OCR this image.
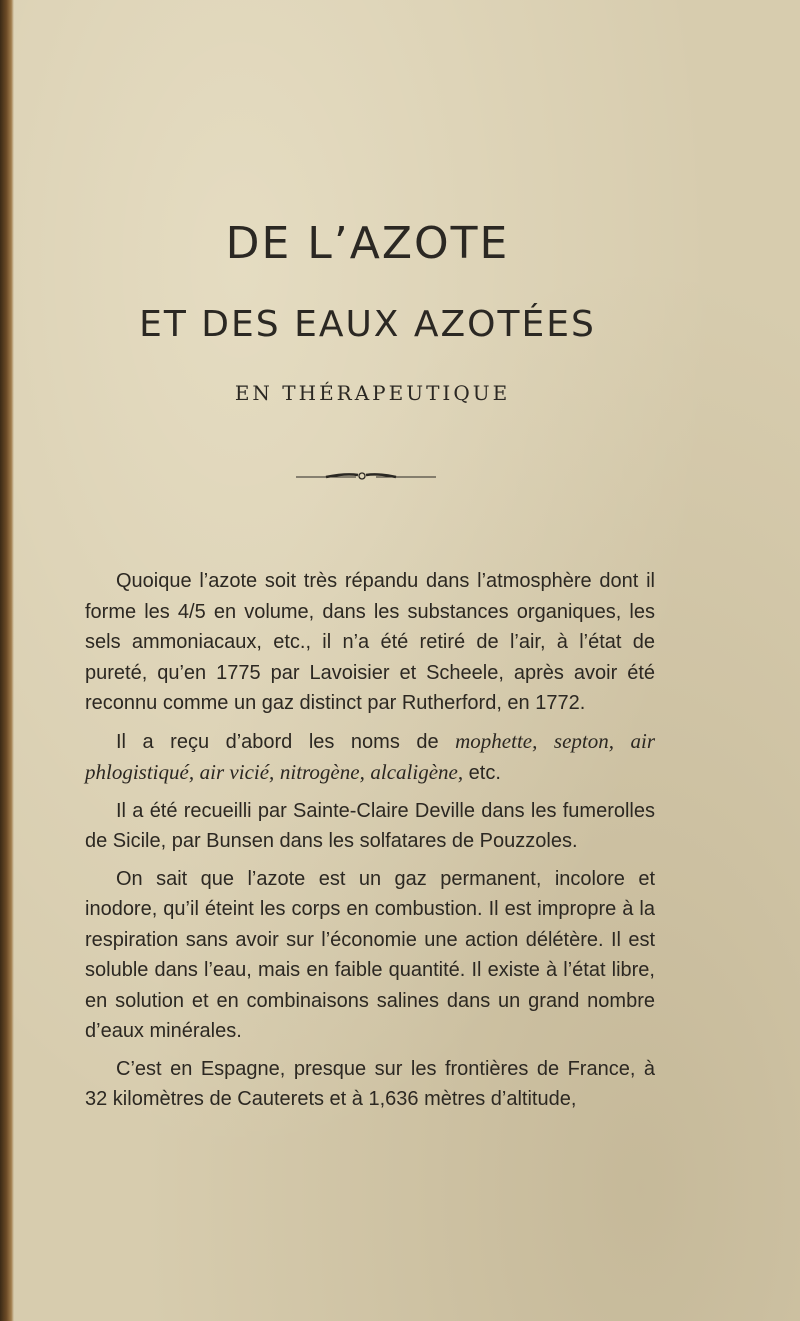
DE L’AZOTE
ET DES EAUX AZOTÉES
EN THÉRAPEUTIQUE

Quoique l’azote soit très répandu dans l’atmosphère dont il forme les 4/5 en volume, dans les substances organiques, les sels ammoniacaux, etc., il n’a été retiré de l’air, à l’état de pureté, qu’en 1775 par Lavoisier et Scheele, après avoir été reconnu comme un gaz distinct par Rutherford, en 1772.

Il a reçu d’abord les noms de mophette, septon, air phlogistiqué, air vicié, nitrogène, alcaligène, etc.

Il a été recueilli par Sainte-Claire Deville dans les fumerolles de Sicile, par Bunsen dans les solfatares de Pouzzoles.

On sait que l’azote est un gaz permanent, incolore et inodore, qu’il éteint les corps en combustion. Il est impropre à la respiration sans avoir sur l’économie une action délétère. Il est soluble dans l’eau, mais en faible quantité. Il existe à l’état libre, en solution et en combinaisons salines dans un grand nombre d’eaux minérales.

C’est en Espagne, presque sur les frontières de France, à 32 kilomètres de Cauterets et à 1,636 mètres d’altitude,
